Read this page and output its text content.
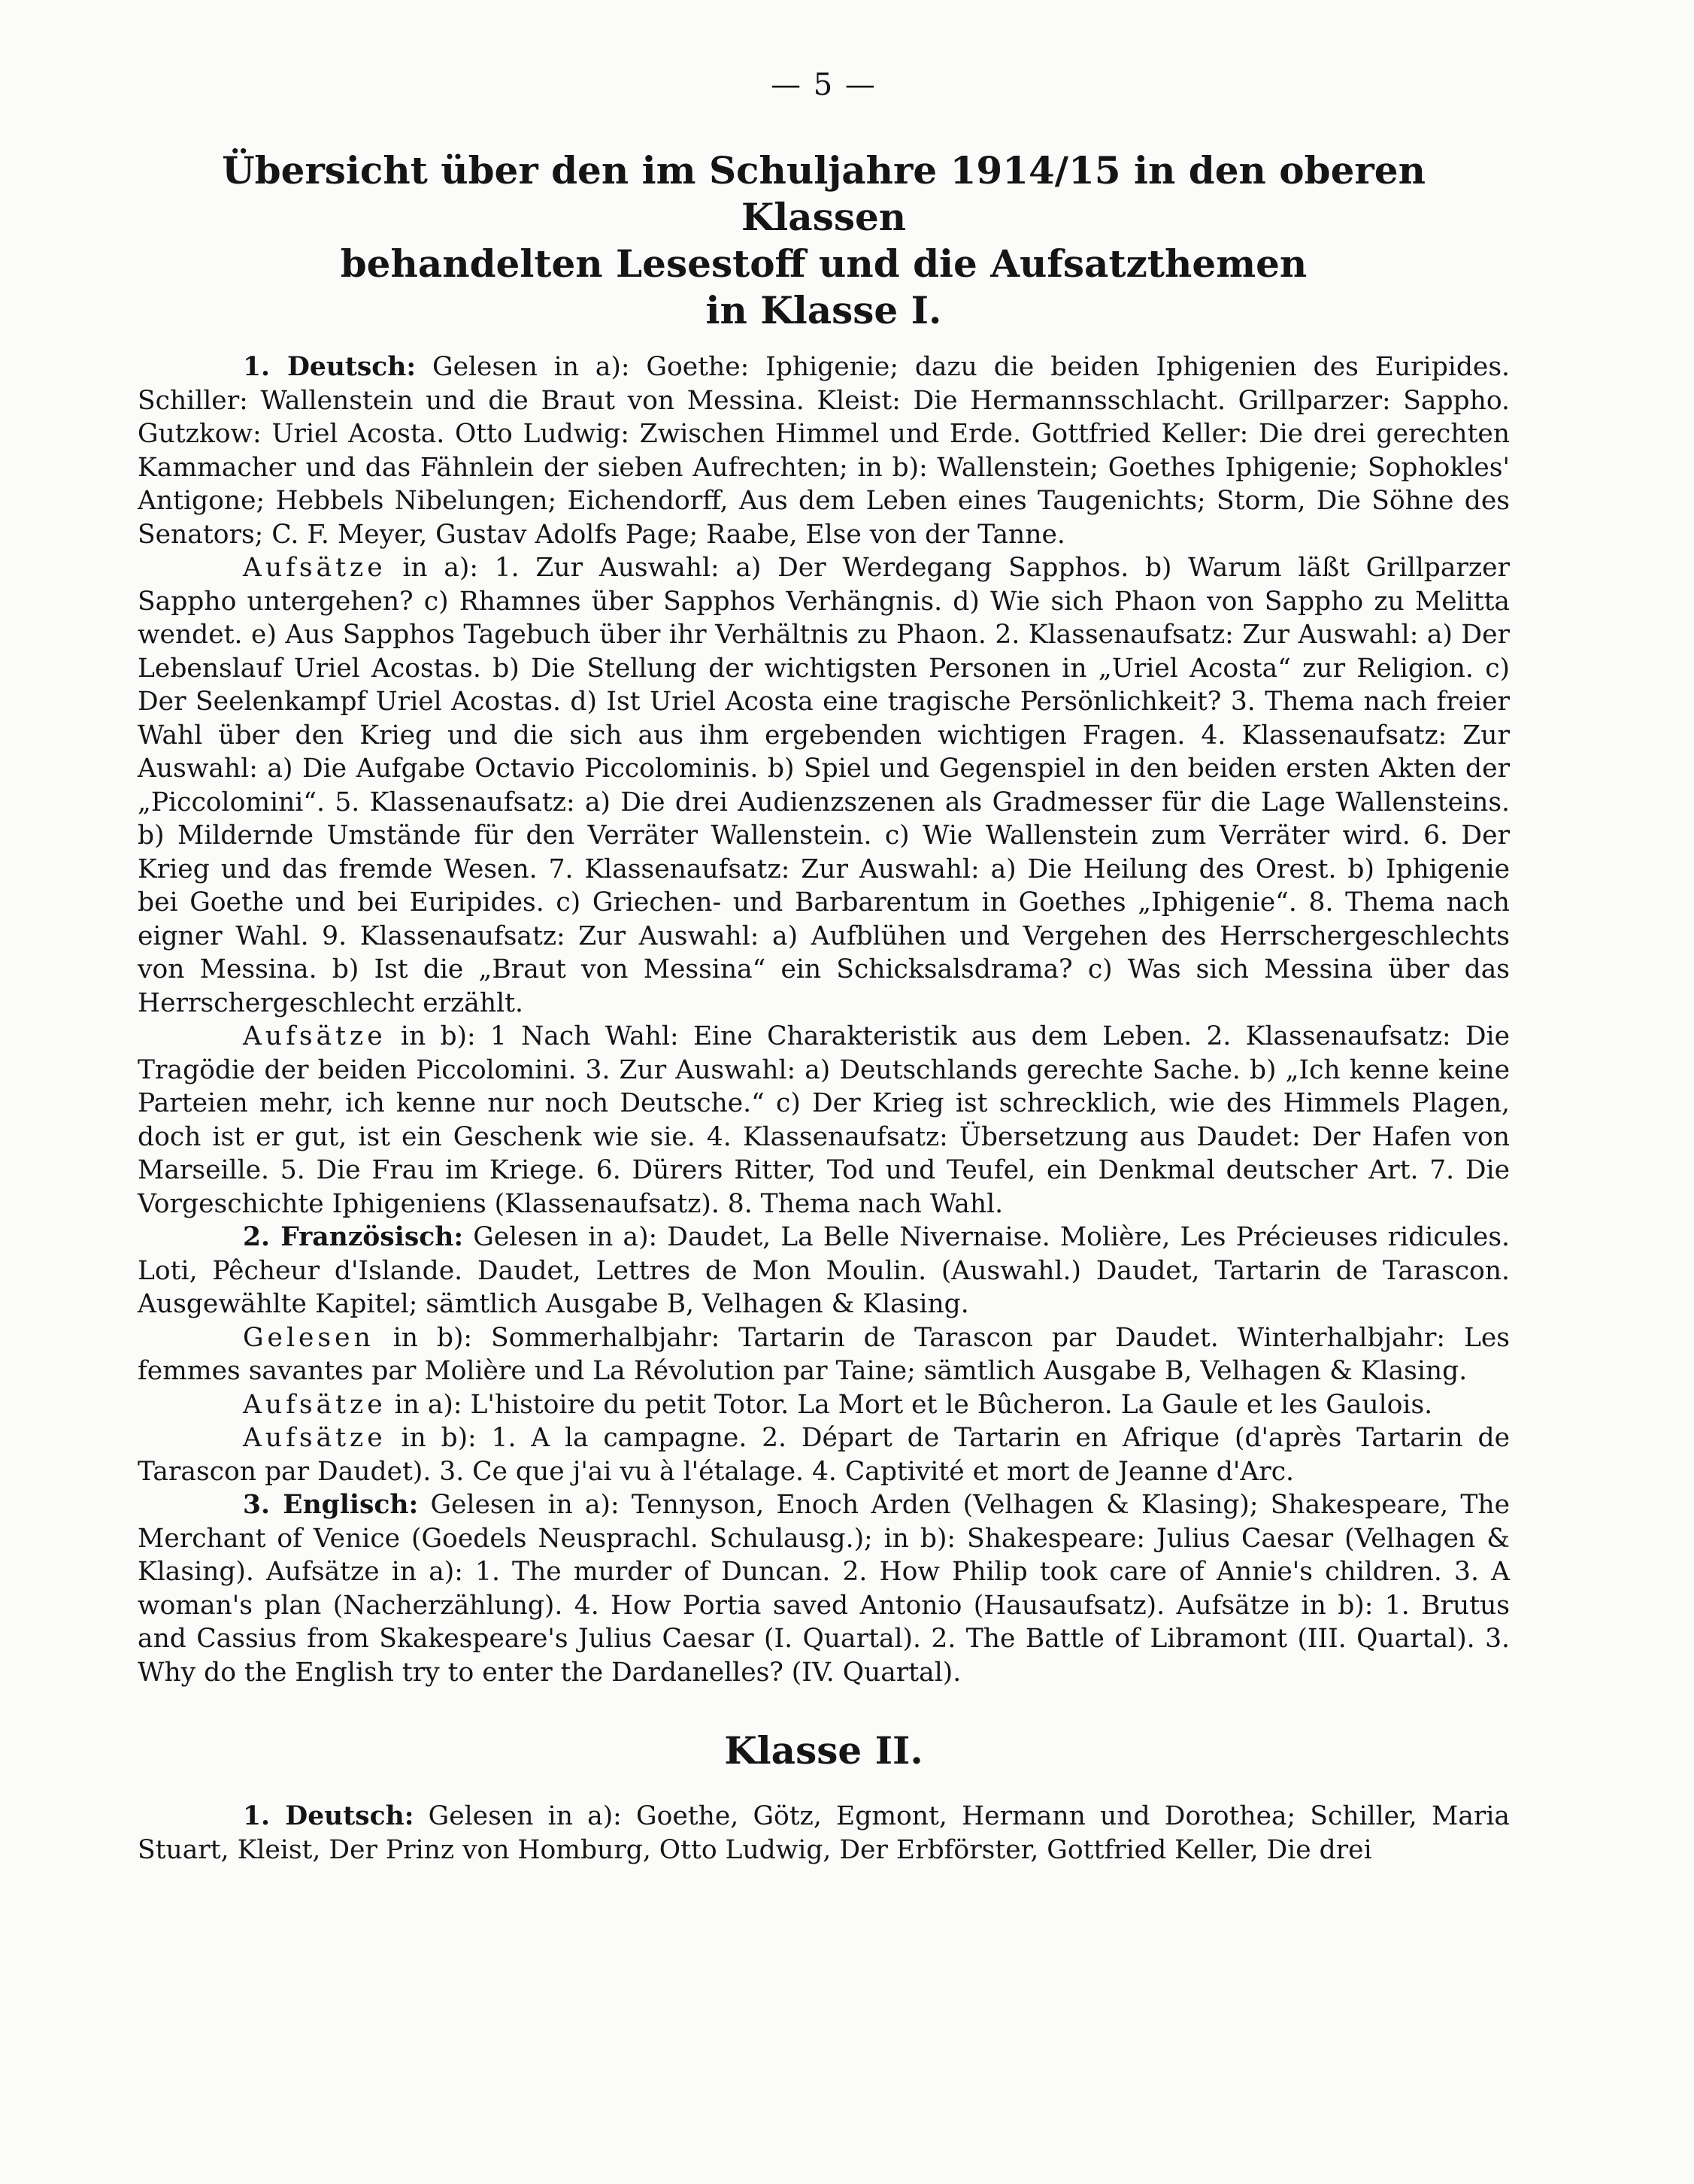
— 5 —
Übersicht über den im Schuljahre 1914/15 in den oberen Klassen
behandelten Lesestoff und die Aufsatzthemen
in Klasse I.

1. Deutsch: Gelesen in a): Goethe: Iphigenie; dazu die beiden Iphigenien des Euripides. Schiller: Wallenstein und die Braut von Messina. Kleist: Die Hermannsschlacht. Grillparzer: Sappho. Gutzkow: Uriel Acosta. Otto Ludwig: Zwischen Himmel und Erde. Gottfried Keller: Die drei gerechten Kammacher und das Fähnlein der sieben Aufrechten; in b): Wallenstein; Goethes Iphigenie; Sophokles' Antigone; Hebbels Nibelungen; Eichendorff, Aus dem Leben eines Taugenichts; Storm, Die Söhne des Senators; C. F. Meyer, Gustav Adolfs Page; Raabe, Else von der Tanne.

Aufsätze in a): 1. Zur Auswahl: a) Der Werdegang Sapphos. b) Warum läßt Grillparzer Sappho untergehen? c) Rhamnes über Sapphos Verhängnis. d) Wie sich Phaon von Sappho zu Melitta wendet. e) Aus Sapphos Tagebuch über ihr Verhältnis zu Phaon. 2. Klassenaufsatz: Zur Auswahl: a) Der Lebenslauf Uriel Acostas. b) Die Stellung der wichtigsten Personen in „Uriel Acosta“ zur Religion. c) Der Seelenkampf Uriel Acostas. d) Ist Uriel Acosta eine tragische Persönlichkeit? 3. Thema nach freier Wahl über den Krieg und die sich aus ihm ergebenden wichtigen Fragen. 4. Klassenaufsatz: Zur Auswahl: a) Die Aufgabe Octavio Piccolominis. b) Spiel und Gegenspiel in den beiden ersten Akten der „Piccolomini“. 5. Klassenaufsatz: a) Die drei Audienzszenen als Gradmesser für die Lage Wallensteins. b) Mildernde Umstände für den Verräter Wallenstein. c) Wie Wallenstein zum Verräter wird. 6. Der Krieg und das fremde Wesen. 7. Klassenaufsatz: Zur Auswahl: a) Die Heilung des Orest. b) Iphigenie bei Goethe und bei Euripides. c) Griechen- und Barbarentum in Goethes „Iphigenie“. 8. Thema nach eigner Wahl. 9. Klassenaufsatz: Zur Auswahl: a) Aufblühen und Vergehen des Herrschergeschlechts von Messina. b) Ist die „Braut von Messina“ ein Schicksalsdrama? c) Was sich Messina über das Herrschergeschlecht erzählt.

Aufsätze in b): 1 Nach Wahl: Eine Charakteristik aus dem Leben. 2. Klassenaufsatz: Die Tragödie der beiden Piccolomini. 3. Zur Auswahl: a) Deutschlands gerechte Sache. b) „Ich kenne keine Parteien mehr, ich kenne nur noch Deutsche.“ c) Der Krieg ist schrecklich, wie des Himmels Plagen, doch ist er gut, ist ein Geschenk wie sie. 4. Klassenaufsatz: Übersetzung aus Daudet: Der Hafen von Marseille. 5. Die Frau im Kriege. 6. Dürers Ritter, Tod und Teufel, ein Denkmal deutscher Art. 7. Die Vorgeschichte Iphigeniens (Klassenaufsatz). 8. Thema nach Wahl.

2. Französisch: Gelesen in a): Daudet, La Belle Nivernaise. Molière, Les Précieuses ridicules. Loti, Pêcheur d'Islande. Daudet, Lettres de Mon Moulin. (Auswahl.) Daudet, Tartarin de Tarascon. Ausgewählte Kapitel; sämtlich Ausgabe B, Velhagen & Klasing.

Gelesen in b): Sommerhalbjahr: Tartarin de Tarascon par Daudet. Winterhalbjahr: Les femmes savantes par Molière und La Révolution par Taine; sämtlich Ausgabe B, Velhagen & Klasing.

Aufsätze in a): L'histoire du petit Totor. La Mort et le Bûcheron. La Gaule et les Gaulois.

Aufsätze in b): 1. A la campagne. 2. Départ de Tartarin en Afrique (d'après Tartarin de Tarascon par Daudet). 3. Ce que j'ai vu à l'étalage. 4. Captivité et mort de Jeanne d'Arc.

3. Englisch: Gelesen in a): Tennyson, Enoch Arden (Velhagen & Klasing); Shakespeare, The Merchant of Venice (Goedels Neusprachl. Schulausg.); in b): Shakespeare: Julius Caesar (Velhagen & Klasing). Aufsätze in a): 1. The murder of Duncan. 2. How Philip took care of Annie's children. 3. A woman's plan (Nacherzählung). 4. How Portia saved Antonio (Hausaufsatz). Aufsätze in b): 1. Brutus and Cassius from Skakespeare's Julius Caesar (I. Quartal). 2. The Battle of Libramont (III. Quartal). 3. Why do the English try to enter the Dardanelles? (IV. Quartal).

Klasse II.

1. Deutsch: Gelesen in a): Goethe, Götz, Egmont, Hermann und Dorothea; Schiller, Maria Stuart, Kleist, Der Prinz von Homburg, Otto Ludwig, Der Erbförster, Gottfried Keller, Die drei
